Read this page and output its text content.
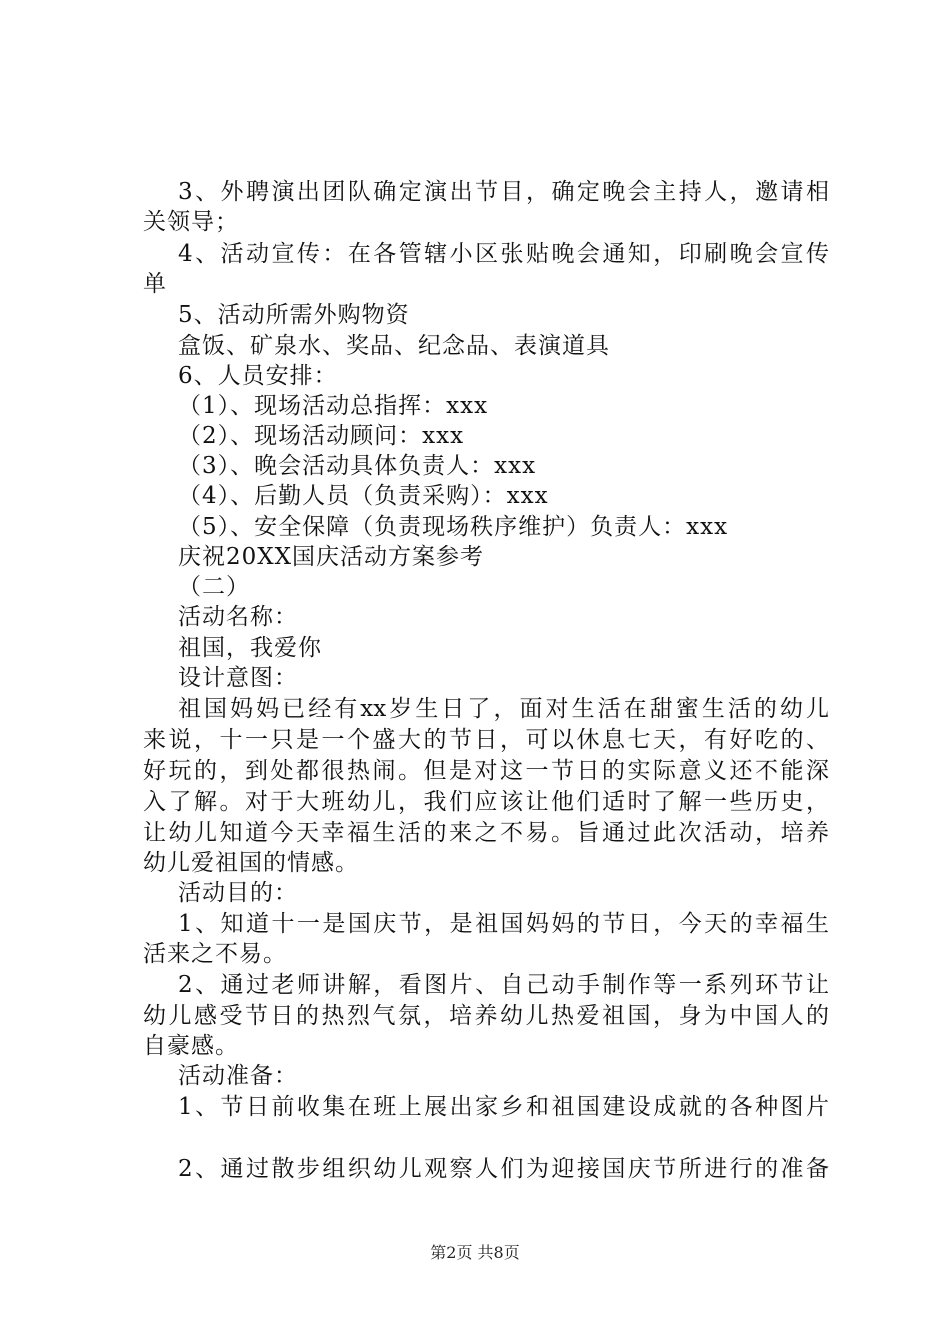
3、外聘演出团队确定演出节目，确定晚会主持人，邀请相
关领导；
4、活动宣传：在各管辖小区张贴晚会通知，印刷晚会宣传
单
5、活动所需外购物资
盒饭、矿泉水、奖品、纪念品、表演道具
6、人员安排：
（1）、现场活动总指挥：xxx
（2）、现场活动顾问：xxx
（3）、晚会活动具体负责人：xxx
（4）、后勤人员（负责采购）：xxx
（5）、安全保障（负责现场秩序维护）负责人：xxx
庆祝20XX国庆活动方案参考
（二）
活动名称：
祖国，我爱你
设计意图：
祖国妈妈已经有xx岁生日了，面对生活在甜蜜生活的幼儿
来说，十一只是一个盛大的节日，可以休息七天，有好吃的、
好玩的，到处都很热闹。但是对这一节日的实际意义还不能深
入了解。对于大班幼儿，我们应该让他们适时了解一些历史，
让幼儿知道今天幸福生活的来之不易。旨通过此次活动，培养
幼儿爱祖国的情感。
活动目的：
1、知道十一是国庆节，是祖国妈妈的节日，今天的幸福生
活来之不易。
2、通过老师讲解，看图片、自己动手制作等一系列环节让
幼儿感受节日的热烈气氛，培养幼儿热爱祖国，身为中国人的
自豪感。
活动准备：
1、节日前收集在班上展出家乡和祖国建设成就的各种图片
2、通过散步组织幼儿观察人们为迎接国庆节所进行的准备
第2页 共8页
